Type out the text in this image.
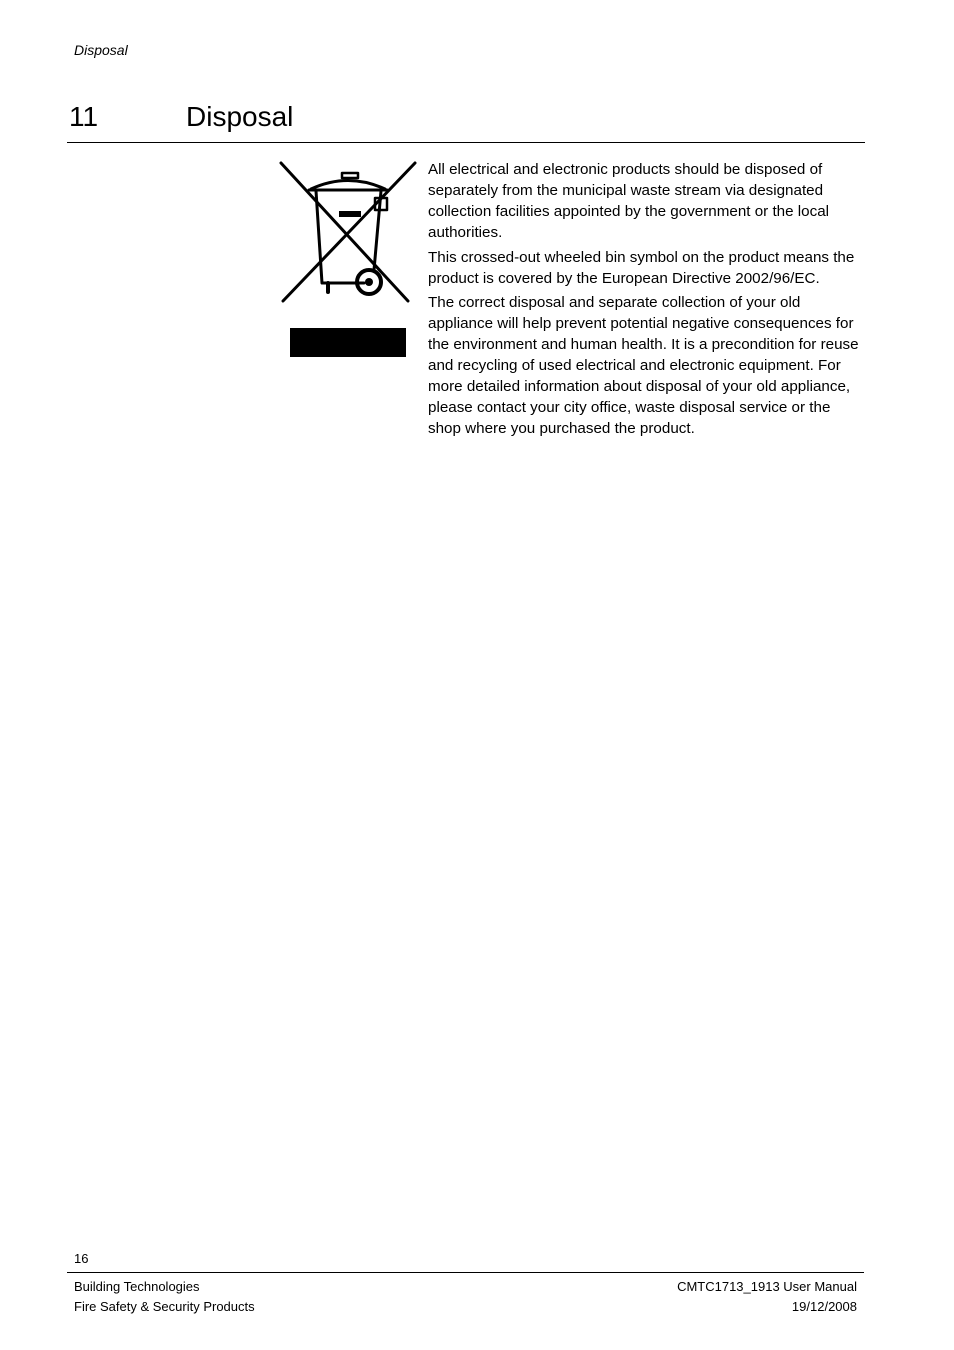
Disposal
11	Disposal

All electrical and electronic products should be disposed of separately from the municipal waste stream via designated collection facilities appointed by the government or the local authorities.

This crossed-out wheeled bin symbol on the product means the product is covered by the European Directive 2002/96/EC.

The correct disposal and separate collection of your old appliance will help prevent potential negative consequences for the environment and human health. It is a precondition for reuse and recycling of used electrical and electronic equipment. For more detailed information about disposal of your old appliance, please contact your city office, waste disposal service or the shop where you purchased the product.

16
Building Technologies
Fire Safety & Security Products
CMTC1713_1913 User Manual
19/12/2008
